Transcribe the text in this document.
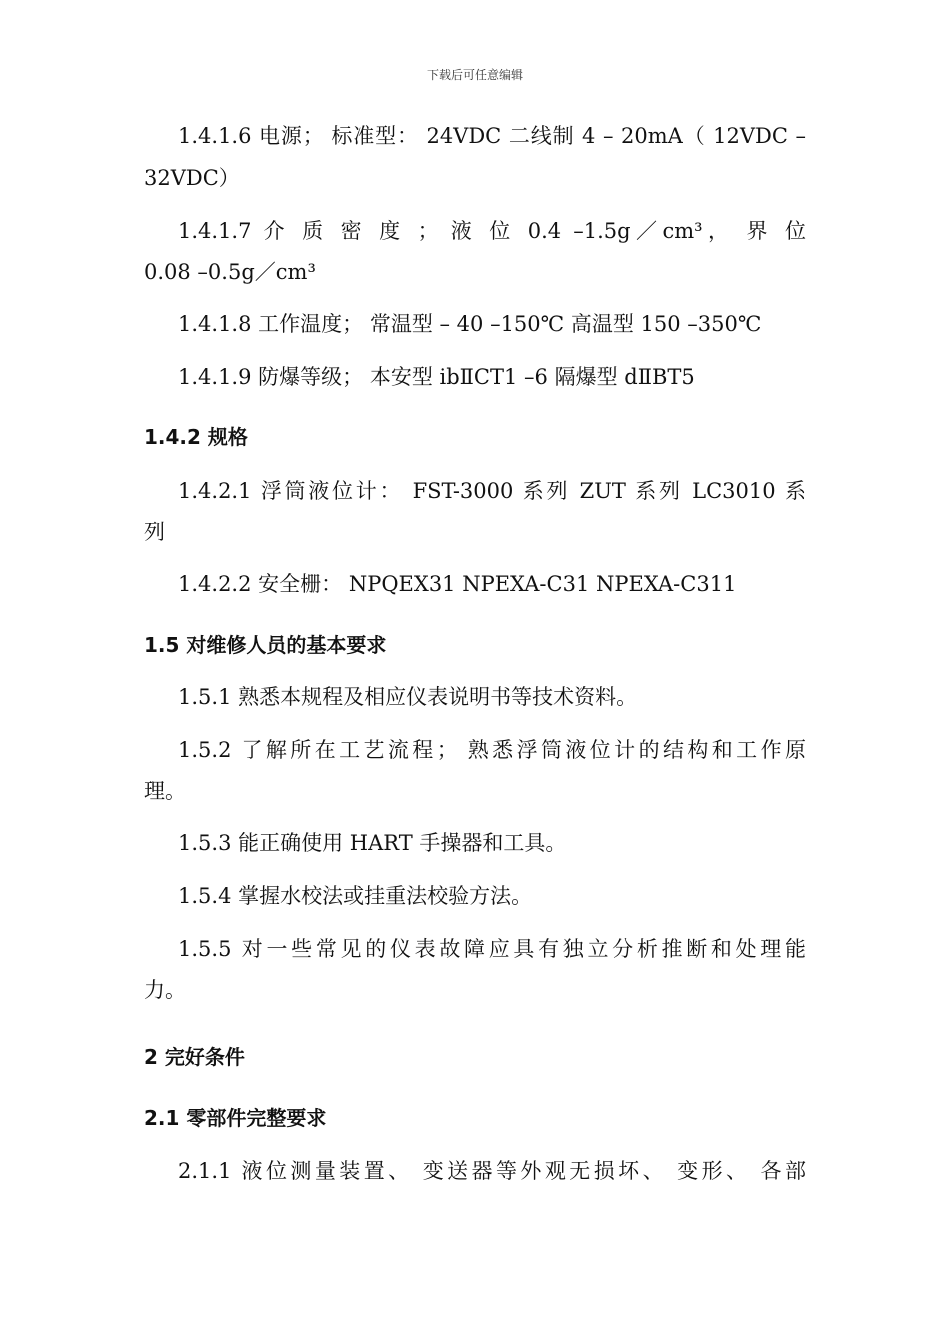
下载后可任意编辑
1.4.1.6 电源； 标准型： 24VDC 二线制 4 – 20mA（ 12VDC –
32VDC）
1.4.1.7 介 质 密 度 ； 液 位 0.4 –1.5g／cm³， 界 位
0.08 –0.5g／cm³
1.4.1.8 工作温度； 常温型 – 40 –150℃ 高温型 150 –350℃
1.4.1.9 防爆等级； 本安型 ibⅡCT1 –6 隔爆型 dⅡBT5
1.4.2 规格
1.4.2.1 浮筒液位计： FST-3000 系列 ZUT 系列 LC3010 系
列
1.4.2.2 安全栅： NPQEX31 NPEXA-C31 NPEXA-C311
1.5 对维修人员的基本要求
1.5.1 熟悉本规程及相应仪表说明书等技术资料。
1.5.2 了解所在工艺流程； 熟悉浮筒液位计的结构和工作原
理。
1.5.3 能正确使用 HART 手操器和工具。
1.5.4 掌握水校法或挂重法校验方法。
1.5.5 对一些常见的仪表故障应具有独立分析推断和处理能
力。
2 完好条件
2.1 零部件完整要求
2.1.1 液位测量装置、 变送器等外观无损坏、 变形、 各部
